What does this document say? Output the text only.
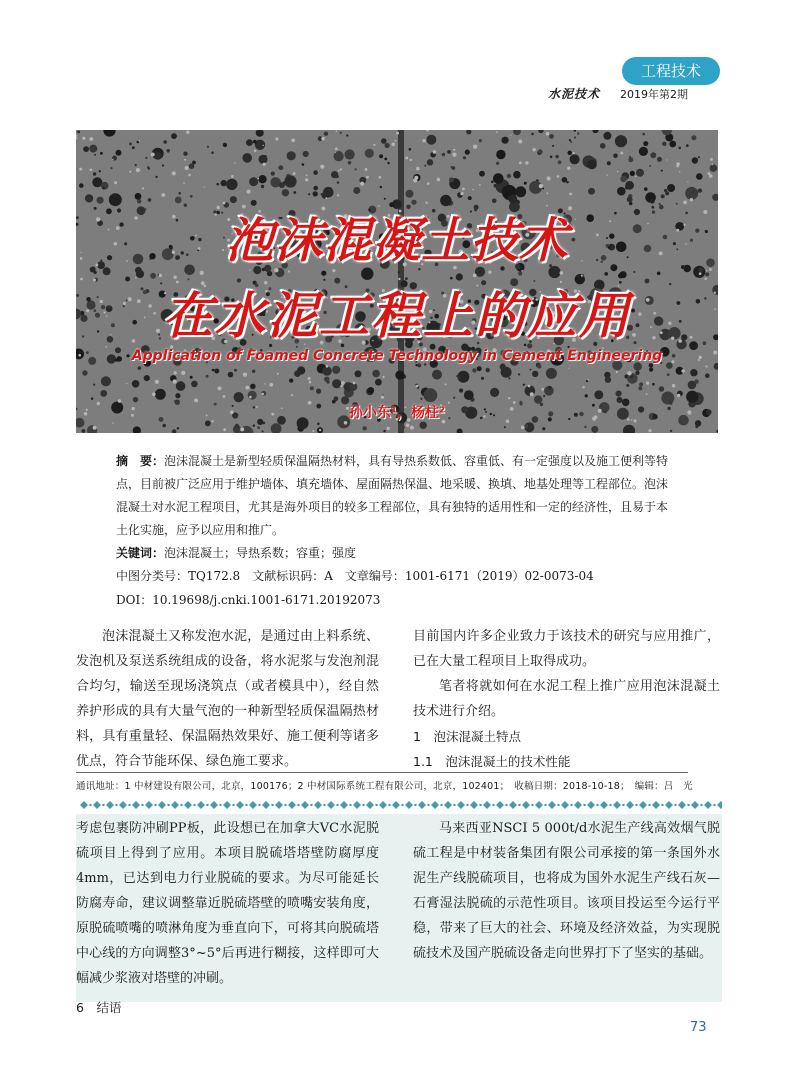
工程技术
水泥技术 2019年第2期
泡沫混凝土技术
在水泥工程上的应用
Application of Foamed Concrete Technology in Cement Engineering
孙小东¹，杨柱²
摘　要：泡沫混凝土是新型轻质保温隔热材料，具有导热系数低、容重低、有一定强度以及施工便利等特点，目前被广泛应用于维护墙体、填充墙体、屋面隔热保温、地采暖、换填、地基处理等工程部位。泡沫混凝土对水泥工程项目，尤其是海外项目的较多工程部位，具有独特的适用性和一定的经济性，且易于本土化实施，应予以应用和推广。
关键词：泡沫混凝土；导热系数；容重；强度
中图分类号：TQ172.8　文献标识码：A　文章编号：1001-6171（2019）02-0073-04
DOI：10.19698/j.cnki.1001-6171.20192073
泡沫混凝土又称发泡水泥，是通过由上料系统、发泡机及泵送系统组成的设备，将水泥浆与发泡剂混合均匀，输送至现场浇筑点（或者模具中），经自然养护形成的具有大量气泡的一种新型轻质保温隔热材料，具有重量轻、保温隔热效果好、施工便利等诸多优点，符合节能环保、绿色施工要求。
目前国内许多企业致力于该技术的研究与应用推广，已在大量工程项目上取得成功。
笔者将就如何在水泥工程上推广应用泡沫混凝土技术进行介绍。
1　泡沫混凝土特点
1.1　泡沫混凝土的技术性能
通讯地址：1 中材建设有限公司，北京，100176；2 中材国际系统工程有限公司，北京，102401；　收稿日期：2018-10-18；　编辑：吕　光
考虑包裹防冲刷PP板，此设想已在加拿大VC水泥脱硫项目上得到了应用。本项目脱硫塔塔壁防腐厚度4mm，已达到电力行业脱硫的要求。为尽可能延长防腐寿命，建议调整靠近脱硫塔壁的喷嘴安装角度，原脱硫喷嘴的喷淋角度为垂直向下，可将其向脱硫塔中心线的方向调整3°~5°后再进行糊接，这样即可大幅减少浆液对塔壁的冲刷。
6　结语
马来西亚NSCI 5 000t/d水泥生产线高效烟气脱硫工程是中材装备集团有限公司承接的第一条国外水泥生产线脱硫项目，也将成为国外水泥生产线石灰—石膏湿法脱硫的示范性项目。该项目投运至今运行平稳，带来了巨大的社会、环境及经济效益，为实现脱硫技术及国产脱硫设备走向世界打下了坚实的基础。
73
